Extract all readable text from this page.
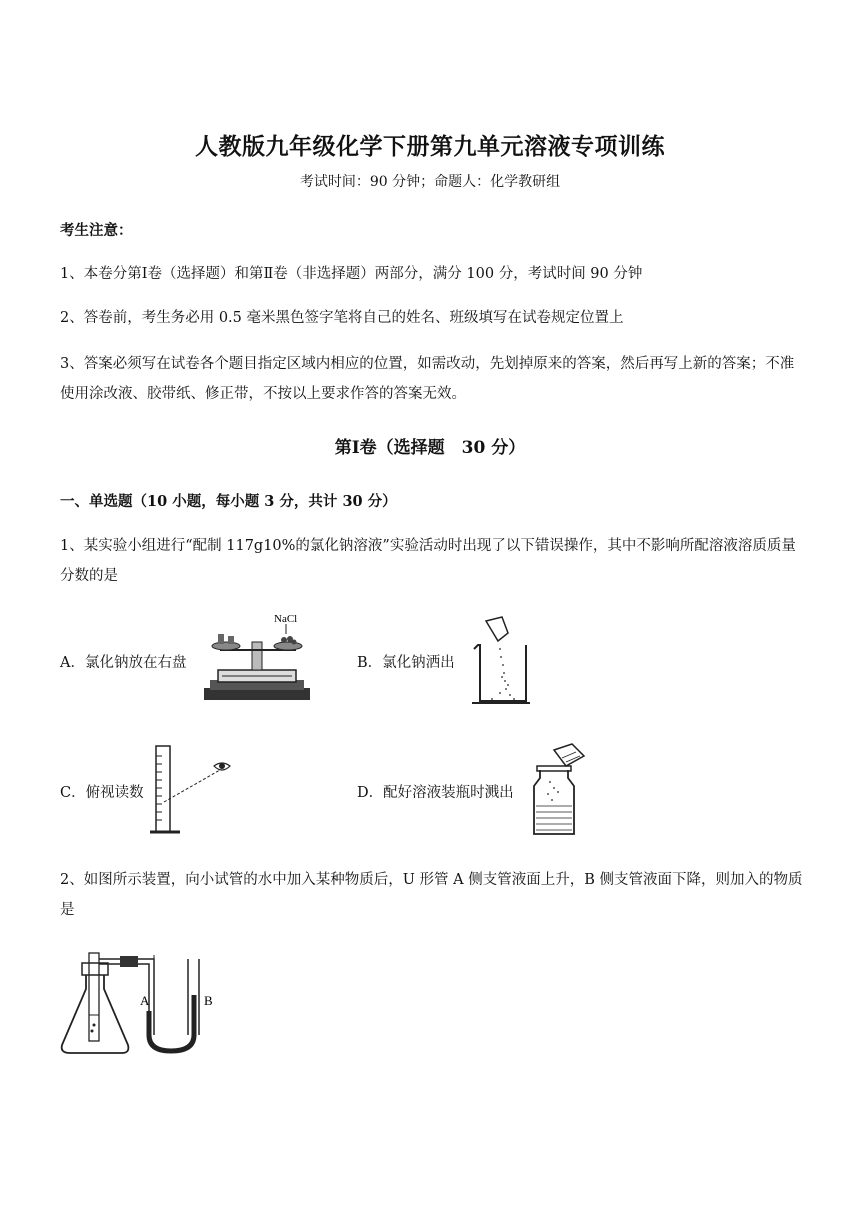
人教版九年级化学下册第九单元溶液专项训练
考试时间：90 分钟；命题人：化学教研组
考生注意：
1、本卷分第Ⅰ卷（选择题）和第Ⅱ卷（非选择题）两部分，满分 100 分，考试时间 90 分钟
2、答卷前，考生务必用 0.5 毫米黑色签字笔将自己的姓名、班级填写在试卷规定位置上
3、答案必须写在试卷各个题目指定区域内相应的位置，如需改动，先划掉原来的答案，然后再写上新的答案；不准使用涂改液、胶带纸、修正带，不按以上要求作答的答案无效。
第Ⅰ卷（选择题　30 分）
一、单选题（10 小题，每小题 3 分，共计 30 分）
1、某实验小组进行“配制 117g10%的氯化钠溶液”实验活动时出现了以下错误操作，其中不影响所配溶液溶质质量分数的是
A．氯化钠放在右盘
NaCl
B．氯化钠洒出
C．俯视读数	D．配好溶液装瓶时溅出
2、如图所示装置，向小试管的水中加入某种物质后，U 形管 A 侧支管液面上升，B 侧支管液面下降，则加入的物质是
A	B
